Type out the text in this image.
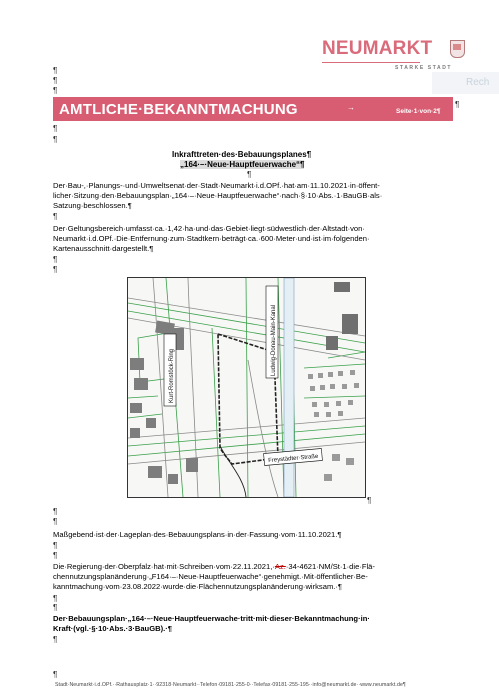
NEUMARKT
STARKE STADT
Rech
¶
¶
¶
AMTLICHE·BEKANNTMACHUNG	→	Seite·1·von·2¶
¶
¶
¶
Inkrafttreten·des·Bebauungsplanes¶
„164·–·Neue·Hauptfeuerwache“¶
¶
Der·Bau-,·Planungs-·und·Umweltsenat·der·Stadt·Neumarkt·i.d.OPf.·hat·am·11.10.2021·in·öffent-
licher·Sitzung·den·Bebauungsplan·„164·–·Neue·Hauptfeuerwache“·nach·§·10·Abs.·1·BauGB·als·
Satzung·beschlossen.¶
¶
Der·Geltungsbereich·umfasst·ca.·1,42·ha·und·das·Gebiet·liegt·südwestlich·der·Altstadt·von·
Neumarkt·i.d.OPf.·Die·Entfernung·zum·Stadtkern·beträgt·ca.·600·Meter·und·ist·im·folgenden·
Kartenausschnitt·dargestellt.¶
¶
¶
Kurt-Romstöck-Ring	Ludwig-Donau-Main-Kanal
Freystädter·Straße
¶
¶
¶
Maßgebend·ist·der·Lageplan·des·Bebauungsplans·in·der·Fassung·vom·11.10.2021.¶
¶
¶
Die·Regierung·der·Oberpfalz·hat·mit·Schreiben·vom·22.11.2021,·Az.·34-4621·NM/St·1·die·Flä-
chennutzungsplanänderung·„F164·–·Neue·Hauptfeuerwache“·genehmigt.·Mit·öffentlicher·Be-
kanntmachung·vom·23.08.2022·wurde·die·Flächennutzungsplanänderung·wirksam.·¶
¶
¶
Der·Bebauungsplan·„164·–·Neue·Hauptfeuerwache·tritt·mit·dieser·Bekanntmachung·in·
Kraft·(vgl.·§·10·Abs.·3·BauGB).·¶
¶
¶
Stadt·Neumarkt·i.d.OPf.··Rathausplatz·1··92318·Neumarkt··Telefon·09181·255-0··Telefax·09181·255-195··info@neumarkt.de··www.neumarkt.de¶
